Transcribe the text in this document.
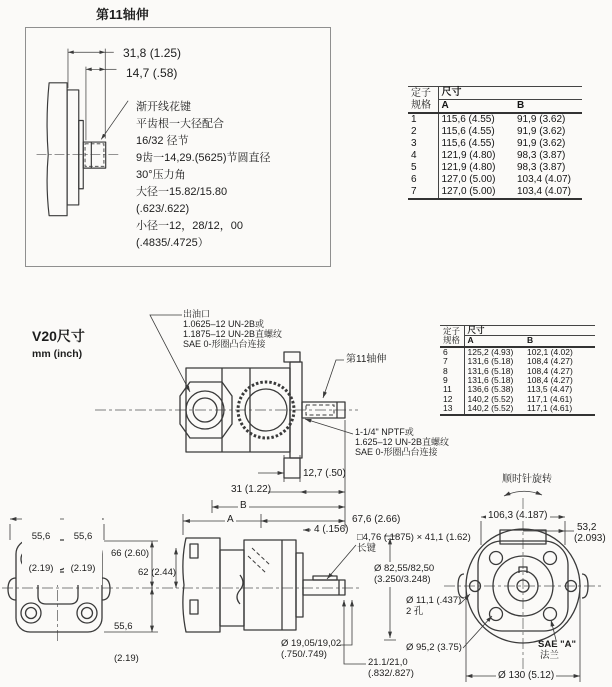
第11轴伸
31,8 (1.25)
14,7 (.58)
渐开线花键
平齿根一大径配合
16/32 径节
9齿一14,29.(5625)节圆直径
30°压力角
大径一15.82/15.80
(.623/.622)
小径一12，28/12，00
(.4835/.4725）
定子
规格	尺寸	
	A	B
1	115,6 (4.55)	91,9 (3.62)
2	115,6 (4.55)	91,9 (3.62)
3	115,6 (4.55)	91,9 (3.62)
4	121,9 (4.80)	98,3 (3.87)
5	121,9 (4.80)	98,3 (3.87)
6	127,0 (5.00)	103,4 (4.07)
7	127,0 (5.00)	103,4 (4.07)
定子
规格	尺寸	
	A	B
6	125,2 (4.93)	102,1 (4.02)
7	131,6 (5.18)	108,4 (4.27)
8	131,6 (5.18)	108,4 (4.27)
9	131,6 (5.18)	108,4 (4.27)
11	136,6 (5.38)	113,5 (4.47)
12	140,2 (5.52)	117,1 (4.61)
13	140,2 (5.52)	117,1 (4.61)
V20尺寸
mm (inch)
出油口
1.0625–12 UN-2B或
1.1875–12 UN-2B直螺纹
SAE 0-形圈凸台连接
第11轴伸
1-1/4" NPTF或
1.625–12 UN-2B直螺纹
SAE 0-形圈凸台连接
12,7 (.50)
31 (1.22)
B
A	67,6 (2.66)
4 (.156)
□4,76 (.1875) × 41,1 (1.62)
长键
Ø 82,55/82,50
(3.250/3.248)
Ø 11,1 (.437)
2 孔
Ø 19,05/19,02
(.750/.749)
21.1/21,0
(.832/.827)
Ø 95,2 (3.75)

55,6

(2.19)

55,6

(2.19)

66 (2.60)
62 (2.44)

55,6

(2.19)

顺时针旋转
106,3 (4.187)
53,2
(2.093)
SAE "A"
法兰
Ø 130 (5.12)
